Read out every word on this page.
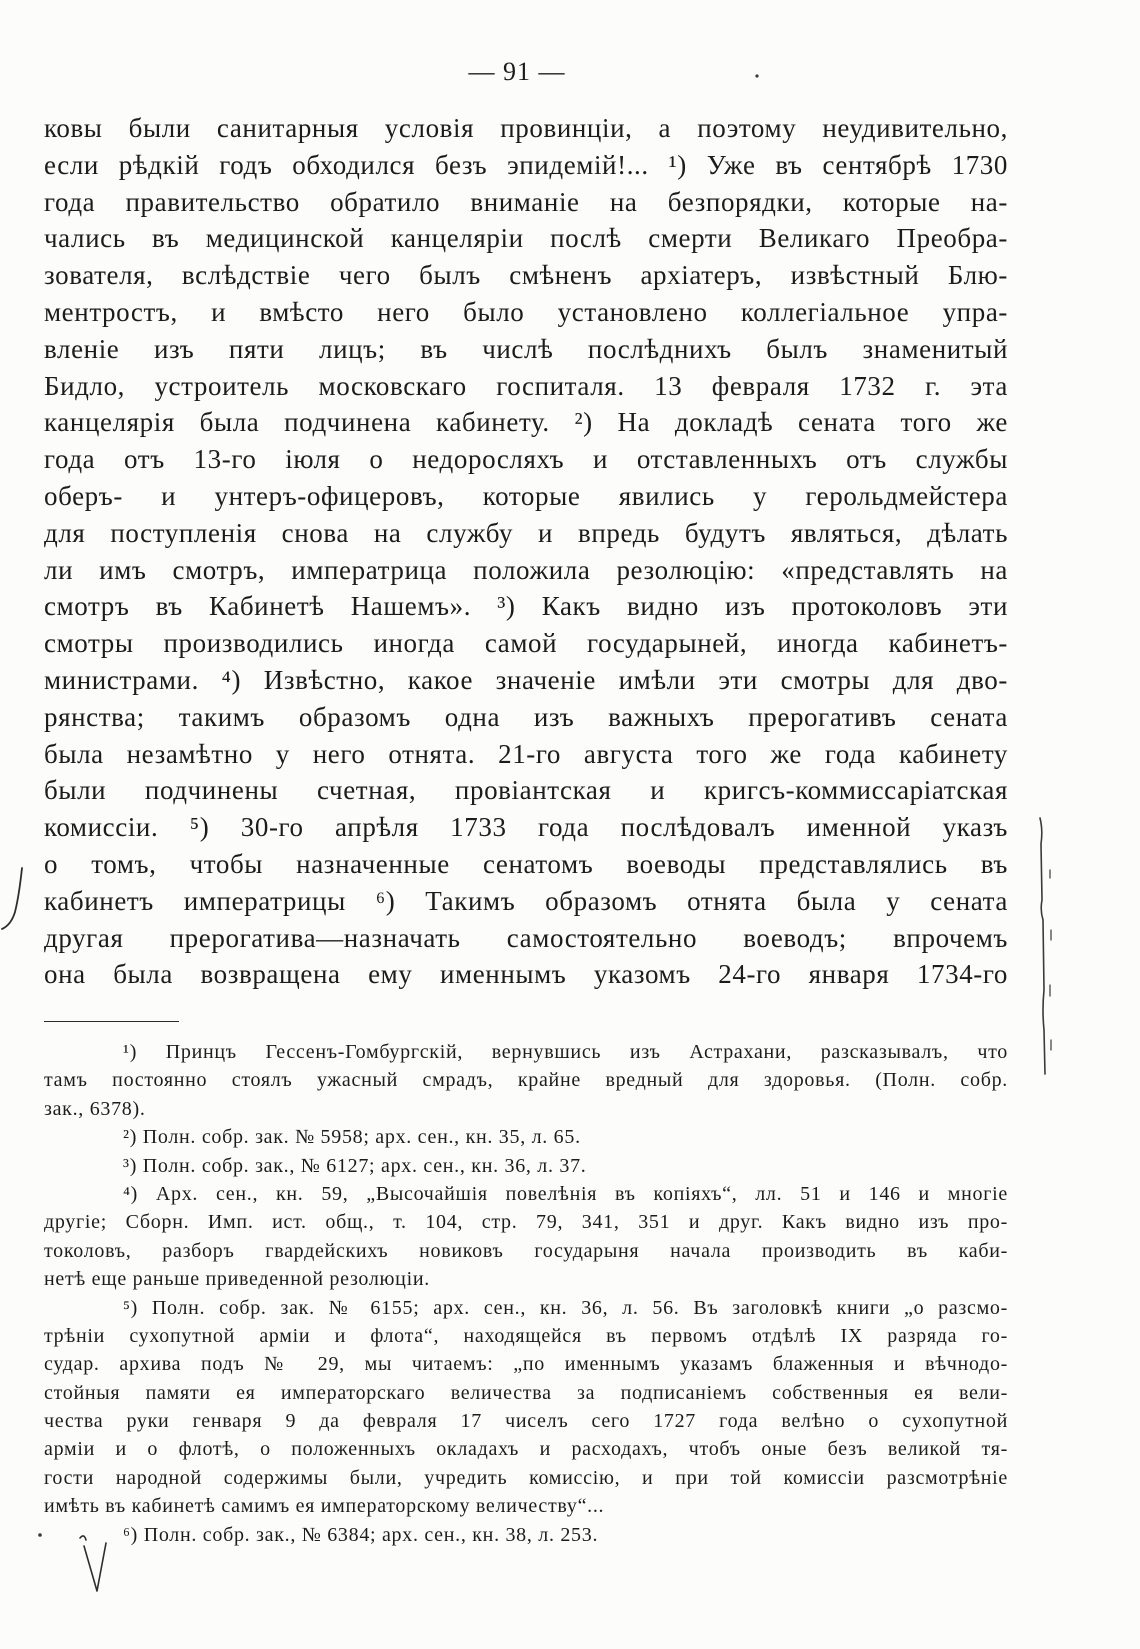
— 91 —
ковы были санитарныя условія провинціи, а поэтому неудивительно,
если рѣдкій годъ обходился безъ эпидемій!... ¹) Уже въ сентябрѣ 1730
года правительство обратило вниманіе на безпорядки, которые на-
чались въ медицинской канцеляріи послѣ смерти Великаго Преобра-
зователя, вслѣдствіе чего былъ смѣненъ архіатеръ, извѣстный Блю-
ментростъ, и вмѣсто него было установлено коллегіальное упра-
вленіе изъ пяти лицъ; въ числѣ послѣднихъ былъ знаменитый
Бидло, устроитель московскаго госпиталя. 13 февраля 1732 г. эта
канцелярія была подчинена кабинету. ²) На докладѣ сената того же
года отъ 13-го іюля о недоросляхъ и отставленныхъ отъ службы
оберъ- и унтеръ-офицеровъ, которые явились у герольдмейстера
для поступленія снова на службу и впредь будутъ являться, дѣлать
ли имъ смотръ, императрица положила резолюцію: «представлять на
смотръ въ Кабинетѣ Нашемъ». ³) Какъ видно изъ протоколовъ эти
смотры производились иногда самой государыней, иногда кабинетъ-
министрами. ⁴) Извѣстно, какое значеніе имѣли эти смотры для дво-
рянства; такимъ образомъ одна изъ важныхъ прерогативъ сената
была незамѣтно у него отнята. 21-го августа того же года кабинету
были подчинены счетная, провіантская и кригсъ-коммиссаріатская
комиссіи. ⁵) 30-го апрѣля 1733 года послѣдовалъ именной указъ
о томъ, чтобы назначенные сенатомъ воеводы представлялись въ
кабинетъ императрицы ⁶) Такимъ образомъ отнята была у сената
другая прерогатива—назначать самостоятельно воеводъ; впрочемъ
она была возвращена ему именнымъ указомъ 24-го января 1734-го
¹) Принцъ Гессенъ-Гомбургскій, вернувшись изъ Астрахани, разсказывалъ, что
тамъ постоянно стоялъ ужасный смрадъ, крайне вредный для здоровья. (Полн. собр.
зак., 6378).
²) Полн. собр. зак. № 5958; арх. сен., кн. 35, л. 65.
³) Полн. собр. зак., № 6127; арх. сен., кн. 36, л. 37.
⁴) Арх. сен., кн. 59, „Высочайшія повелѣнія въ копіяхъ“, лл. 51 и 146 и многіе
другіе; Сборн. Имп. ист. общ., т. 104, стр. 79, 341, 351 и друг. Какъ видно изъ про-
токоловъ, разборъ гвардейскихъ новиковъ государыня начала производить въ каби-
нетѣ еще раньше приведенной резолюціи.
⁵) Полн. собр. зак. № 6155; арх. сен., кн. 36, л. 56. Въ заголовкѣ книги „о разсмо-
трѣніи сухопутной арміи и флота“, находящейся въ первомъ отдѣлѣ IX разряда го-
судар. архива подъ № 29, мы читаемъ: „по именнымъ указамъ блаженныя и вѣчнодо-
стойныя памяти ея императорскаго величества за подписаніемъ собственныя ея вели-
чества руки генваря 9 да февраля 17 чиселъ сего 1727 года велѣно о сухопутной
арміи и о флотѣ, о положенныхъ окладахъ и расходахъ, чтобъ оные безъ великой тя-
гости народной содержимы были, учредить комиссію, и при той комиссіи разсмотрѣніе
имѣть въ кабинетѣ самимъ ея императорскому величеству“...
⁶) Полн. собр. зак., № 6384; арх. сен., кн. 38, л. 253.
